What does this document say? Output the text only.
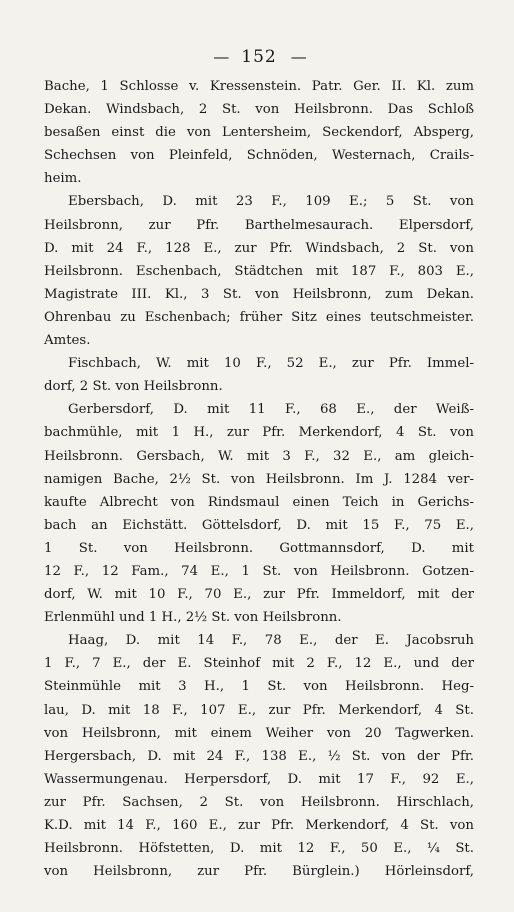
— 152 —
Bache, 1 Schlosse v. Kressenstein. Patr. Ger. II. Kl. zum
Dekan. Windsbach, 2 St. von Heilsbronn. Das Schloß
besaßen einst die von Lentersheim, Seckendorf, Absperg,
Schechsen von Pleinfeld, Schnöden, Westernach, Crails-
heim.
Ebersbach, D. mit 23 F., 109 E.; 5 St. von
Heilsbronn, zur Pfr. Barthelmesaurach. Elpersdorf,
D. mit 24 F., 128 E., zur Pfr. Windsbach, 2 St. von
Heilsbronn. Eschenbach, Städtchen mit 187 F., 803 E.,
Magistrate III. Kl., 3 St. von Heilsbronn, zum Dekan.
Ohrenbau zu Eschenbach; früher Sitz eines teutschmeister.
Amtes.
Fischbach, W. mit 10 F., 52 E., zur Pfr. Immel-
dorf, 2 St. von Heilsbronn.
Gerbersdorf, D. mit 11 F., 68 E., der Weiß-
bachmühle, mit 1 H., zur Pfr. Merkendorf, 4 St. von
Heilsbronn. Gersbach, W. mit 3 F., 32 E., am gleich-
namigen Bache, 2½ St. von Heilsbronn. Im J. 1284 ver-
kaufte Albrecht von Rindsmaul einen Teich in Gerichs-
bach an Eichstätt. Göttelsdorf, D. mit 15 F., 75 E.,
1 St. von Heilsbronn. Gottmannsdorf, D. mit
12 F., 12 Fam., 74 E., 1 St. von Heilsbronn. Gotzen-
dorf, W. mit 10 F., 70 E., zur Pfr. Immeldorf, mit der
Erlenmühl und 1 H., 2½ St. von Heilsbronn.
Haag, D. mit 14 F., 78 E., der E. Jacobsruh
1 F., 7 E., der E. Steinhof mit 2 F., 12 E., und der
Steinmühle mit 3 H., 1 St. von Heilsbronn. Heg-
lau, D. mit 18 F., 107 E., zur Pfr. Merkendorf, 4 St.
von Heilsbronn, mit einem Weiher von 20 Tagwerken.
Hergersbach, D. mit 24 F., 138 E., ½ St. von der Pfr.
Wassermungenau. Herpersdorf, D. mit 17 F., 92 E.,
zur Pfr. Sachsen, 2 St. von Heilsbronn. Hirschlach,
K.D. mit 14 F., 160 E., zur Pfr. Merkendorf, 4 St. von
Heilsbronn. Höfstetten, D. mit 12 F., 50 E., ¼ St.
von Heilsbronn, zur Pfr. Bürglein.) Hörleinsdorf,
